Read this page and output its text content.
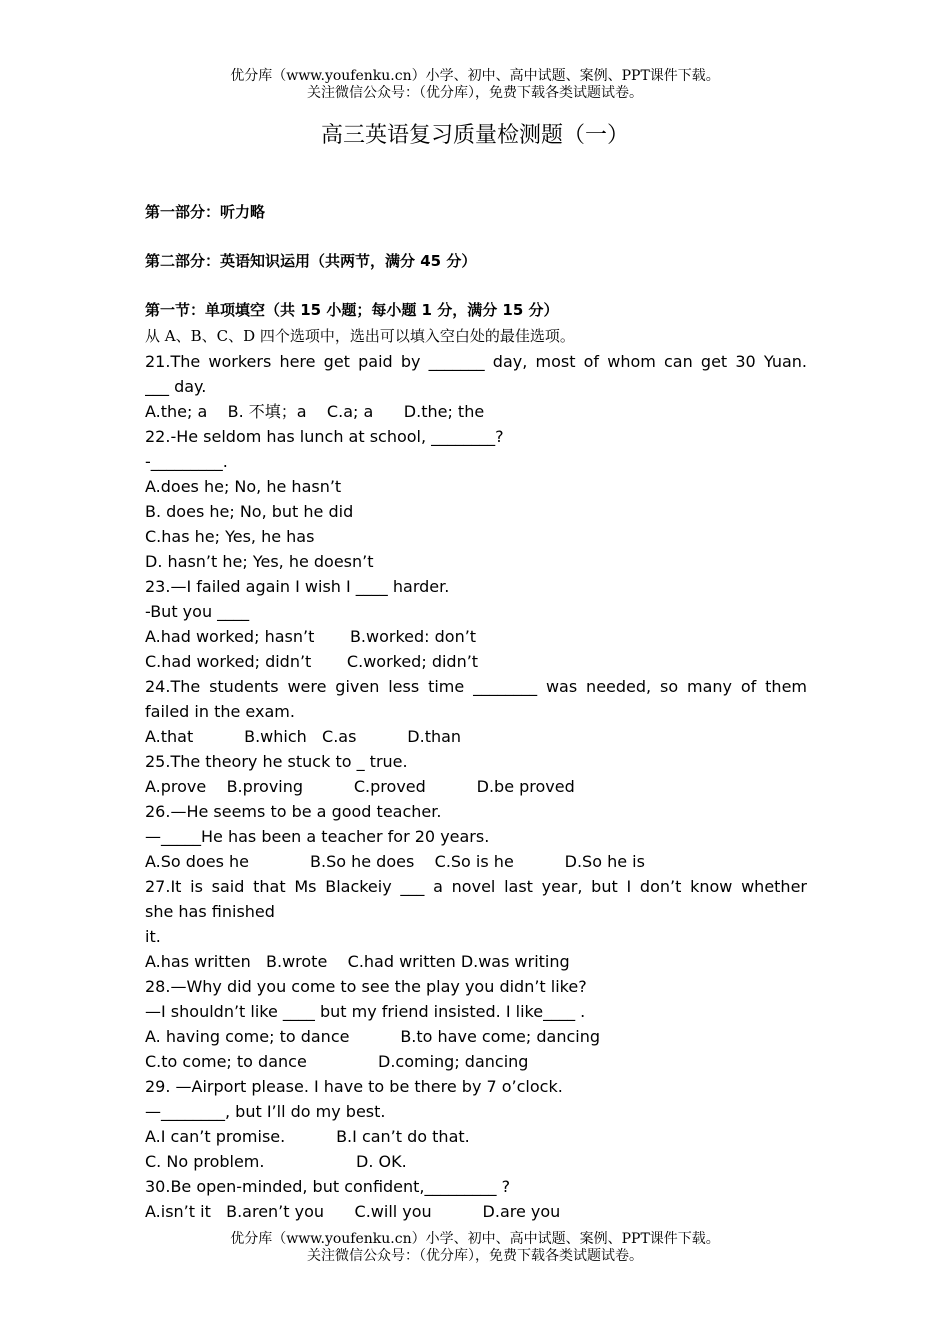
优分库（www.youfenku.cn）小学、初中、高中试题、案例、PPT课件下载。
关注微信公众号：（优分库），免费下载各类试题试卷。
高三英语复习质量检测题（一）
第一部分：听力略
第二部分：英语知识运用（共两节，满分 45 分）
第一节：单项填空（共 15 小题；每小题 1 分，满分 15 分）
从 A、B、C、D 四个选项中，选出可以填入空白处的最佳选项。
21.The workers here get paid by _______ day, most of whom can get 30 Yuan.
___ day.
A.the; a    B. 不填；a    C.a; a      D.the; the
22.-He seldom has lunch at school, ________?
-_________.
A.does he; No, he hasn’t
B. does he; No, but he did
C.has he; Yes, he has
D. hasn’t he; Yes, he doesn’t
23.—I failed again I wish I ____ harder.
-But you ____
A.had worked; hasn’t       B.worked: don’t
C.had worked; didn’t       C.worked; didn’t
24.The students were given less time ________ was needed, so many of them
failed in the exam.
A.that          B.which   C.as          D.than
25.The theory he stuck to _ true.
A.prove    B.proving          C.proved          D.be proved
26.—He seems to be a good teacher.
—_____He has been a teacher for 20 years.
A.So does he            B.So he does    C.So is he          D.So he is
27.It is said that Ms Blackeiy ___ a novel last year, but I don’t know whether
she has finished
it.
A.has written   B.wrote    C.had written D.was writing
28.—Why did you come to see the play you didn’t like?
—I shouldn’t like ____ but my friend insisted. I like____ .
A. having come; to dance          B.to have come; dancing
C.to come; to dance              D.coming; dancing
29. —Airport please. I have to be there by 7 o’clock.
—________, but I’ll do my best.
A.I can’t promise.          B.I can’t do that.
C. No problem.                  D. OK.
30.Be open-minded, but confident,_________ ?
A.isn’t it   B.aren’t you      C.will you          D.are you
优分库（www.youfenku.cn）小学、初中、高中试题、案例、PPT课件下载。
关注微信公众号：（优分库），免费下载各类试题试卷。
